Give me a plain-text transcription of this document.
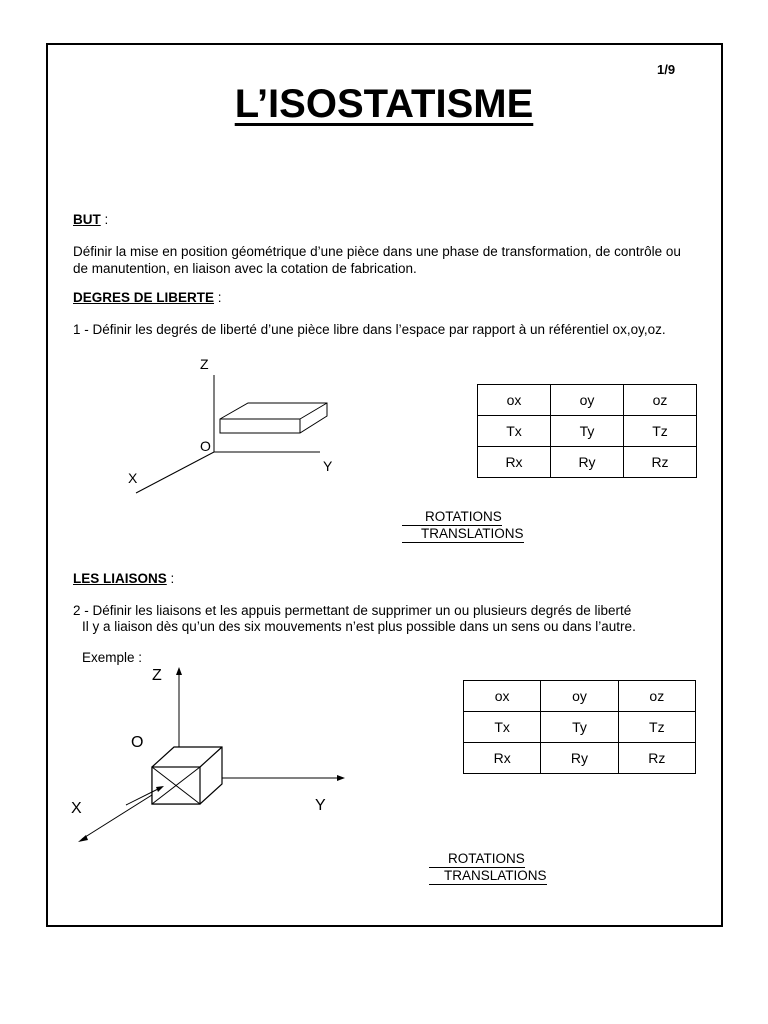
1/9
L’ISOSTATISME
BUT :
Définir la mise en position géométrique d’une pièce dans une phase de transformation, de contrôle ou
de manutention, en liaison avec la cotation de fabrication.
DEGRES DE LIBERTE :
1 - Définir les degrés de liberté d’une pièce libre dans l’espace par rapport à un référentiel ox,oy,oz.
Z
O
Y
X
ox	oy	oz
Tx	Ty	Tz
Rx	Ry	Rz
ROTATIONS
TRANSLATIONS
LES LIAISONS :
2 - Définir les liaisons et les appuis permettant de supprimer un ou plusieurs degrés de liberté
Il y a liaison dès qu’un des six mouvements n’est plus possible dans un sens ou dans l’autre.
Exemple :
Z
O
Y
X
ox	oy	oz
Tx	Ty	Tz
Rx	Ry	Rz
ROTATIONS
TRANSLATIONS
